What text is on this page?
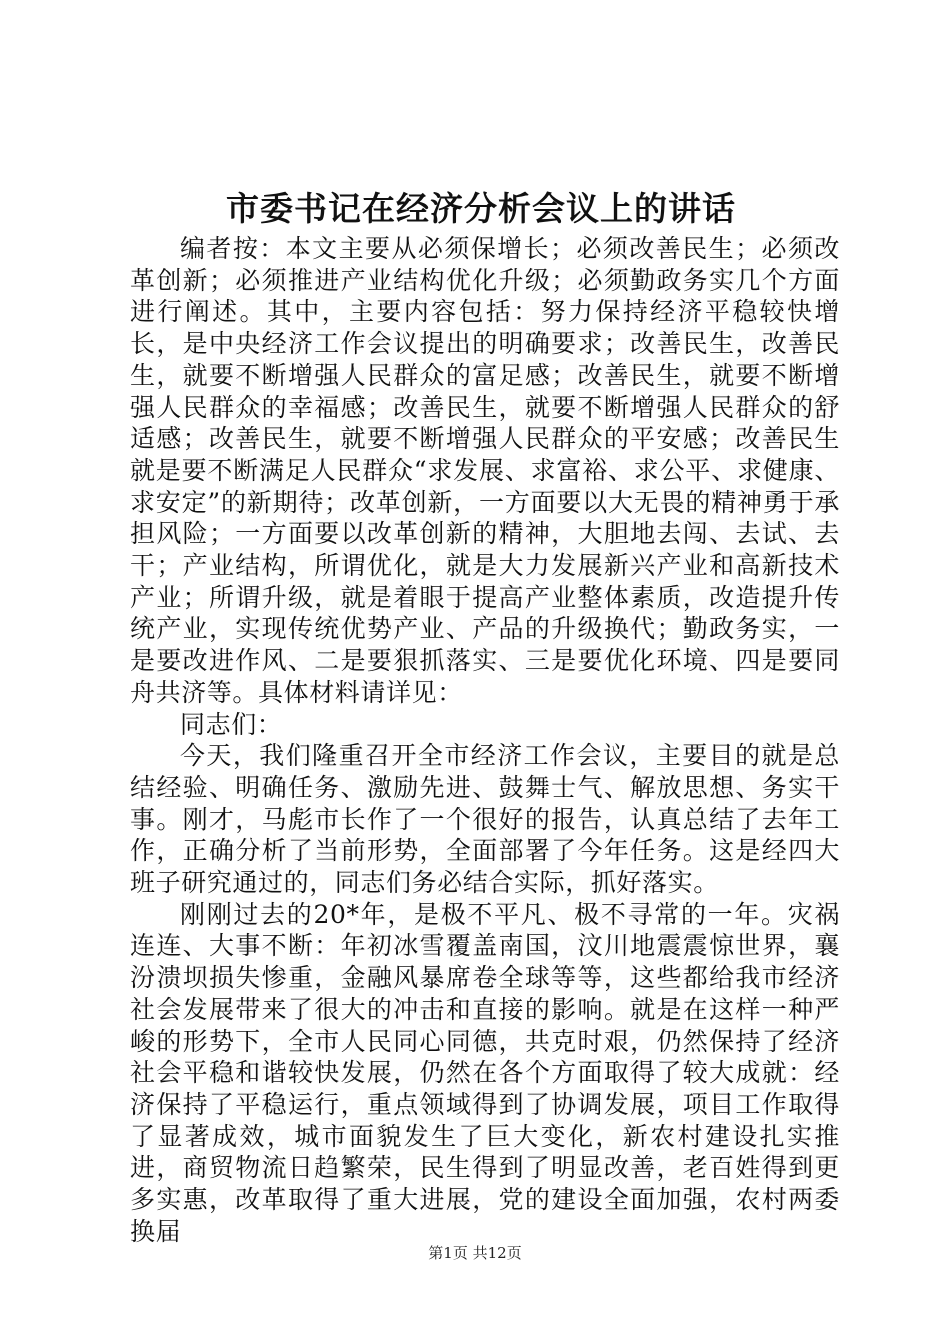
市委书记在经济分析会议上的讲话

编者按：本文主要从必须保增长；必须改善民生；必须改革创新；必须推进产业结构优化升级；必须勤政务实几个方面进行阐述。其中，主要内容包括：努力保持经济平稳较快增长，是中央经济工作会议提出的明确要求；改善民生，改善民生，就要不断增强人民群众的富足感；改善民生，就要不断增强人民群众的幸福感；改善民生，就要不断增强人民群众的舒适感；改善民生，就要不断增强人民群众的平安感；改善民生就是要不断满足人民群众“求发展、求富裕、求公平、求健康、求安定”的新期待；改革创新，一方面要以大无畏的精神勇于承担风险；一方面要以改革创新的精神，大胆地去闯、去试、去干；产业结构，所谓优化，就是大力发展新兴产业和高新技术产业；所谓升级，就是着眼于提高产业整体素质，改造提升传统产业，实现传统优势产业、产品的升级换代；勤政务实，一是要改进作风、二是要狠抓落实、三是要优化环境、四是要同舟共济等。具体材料请详见：

同志们：

今天，我们隆重召开全市经济工作会议，主要目的就是总结经验、明确任务、激励先进、鼓舞士气、解放思想、务实干事。刚才，马彪市长作了一个很好的报告，认真总结了去年工作，正确分析了当前形势，全面部署了今年任务。这是经四大班子研究通过的，同志们务必结合实际，抓好落实。

刚刚过去的20*年，是极不平凡、极不寻常的一年。灾祸连连、大事不断：年初冰雪覆盖南国，汶川地震震惊世界，襄汾溃坝损失惨重，金融风暴席卷全球等等，这些都给我市经济社会发展带来了很大的冲击和直接的影响。就是在这样一种严峻的形势下，全市人民同心同德，共克时艰，仍然保持了经济社会平稳和谐较快发展，仍然在各个方面取得了较大成就：经济保持了平稳运行，重点领域得到了协调发展，项目工作取得了显著成效，城市面貌发生了巨大变化，新农村建设扎实推进，商贸物流日趋繁荣，民生得到了明显改善，老百姓得到更多实惠，改革取得了重大进展，党的建设全面加强，农村两委换届

第1页 共12页
